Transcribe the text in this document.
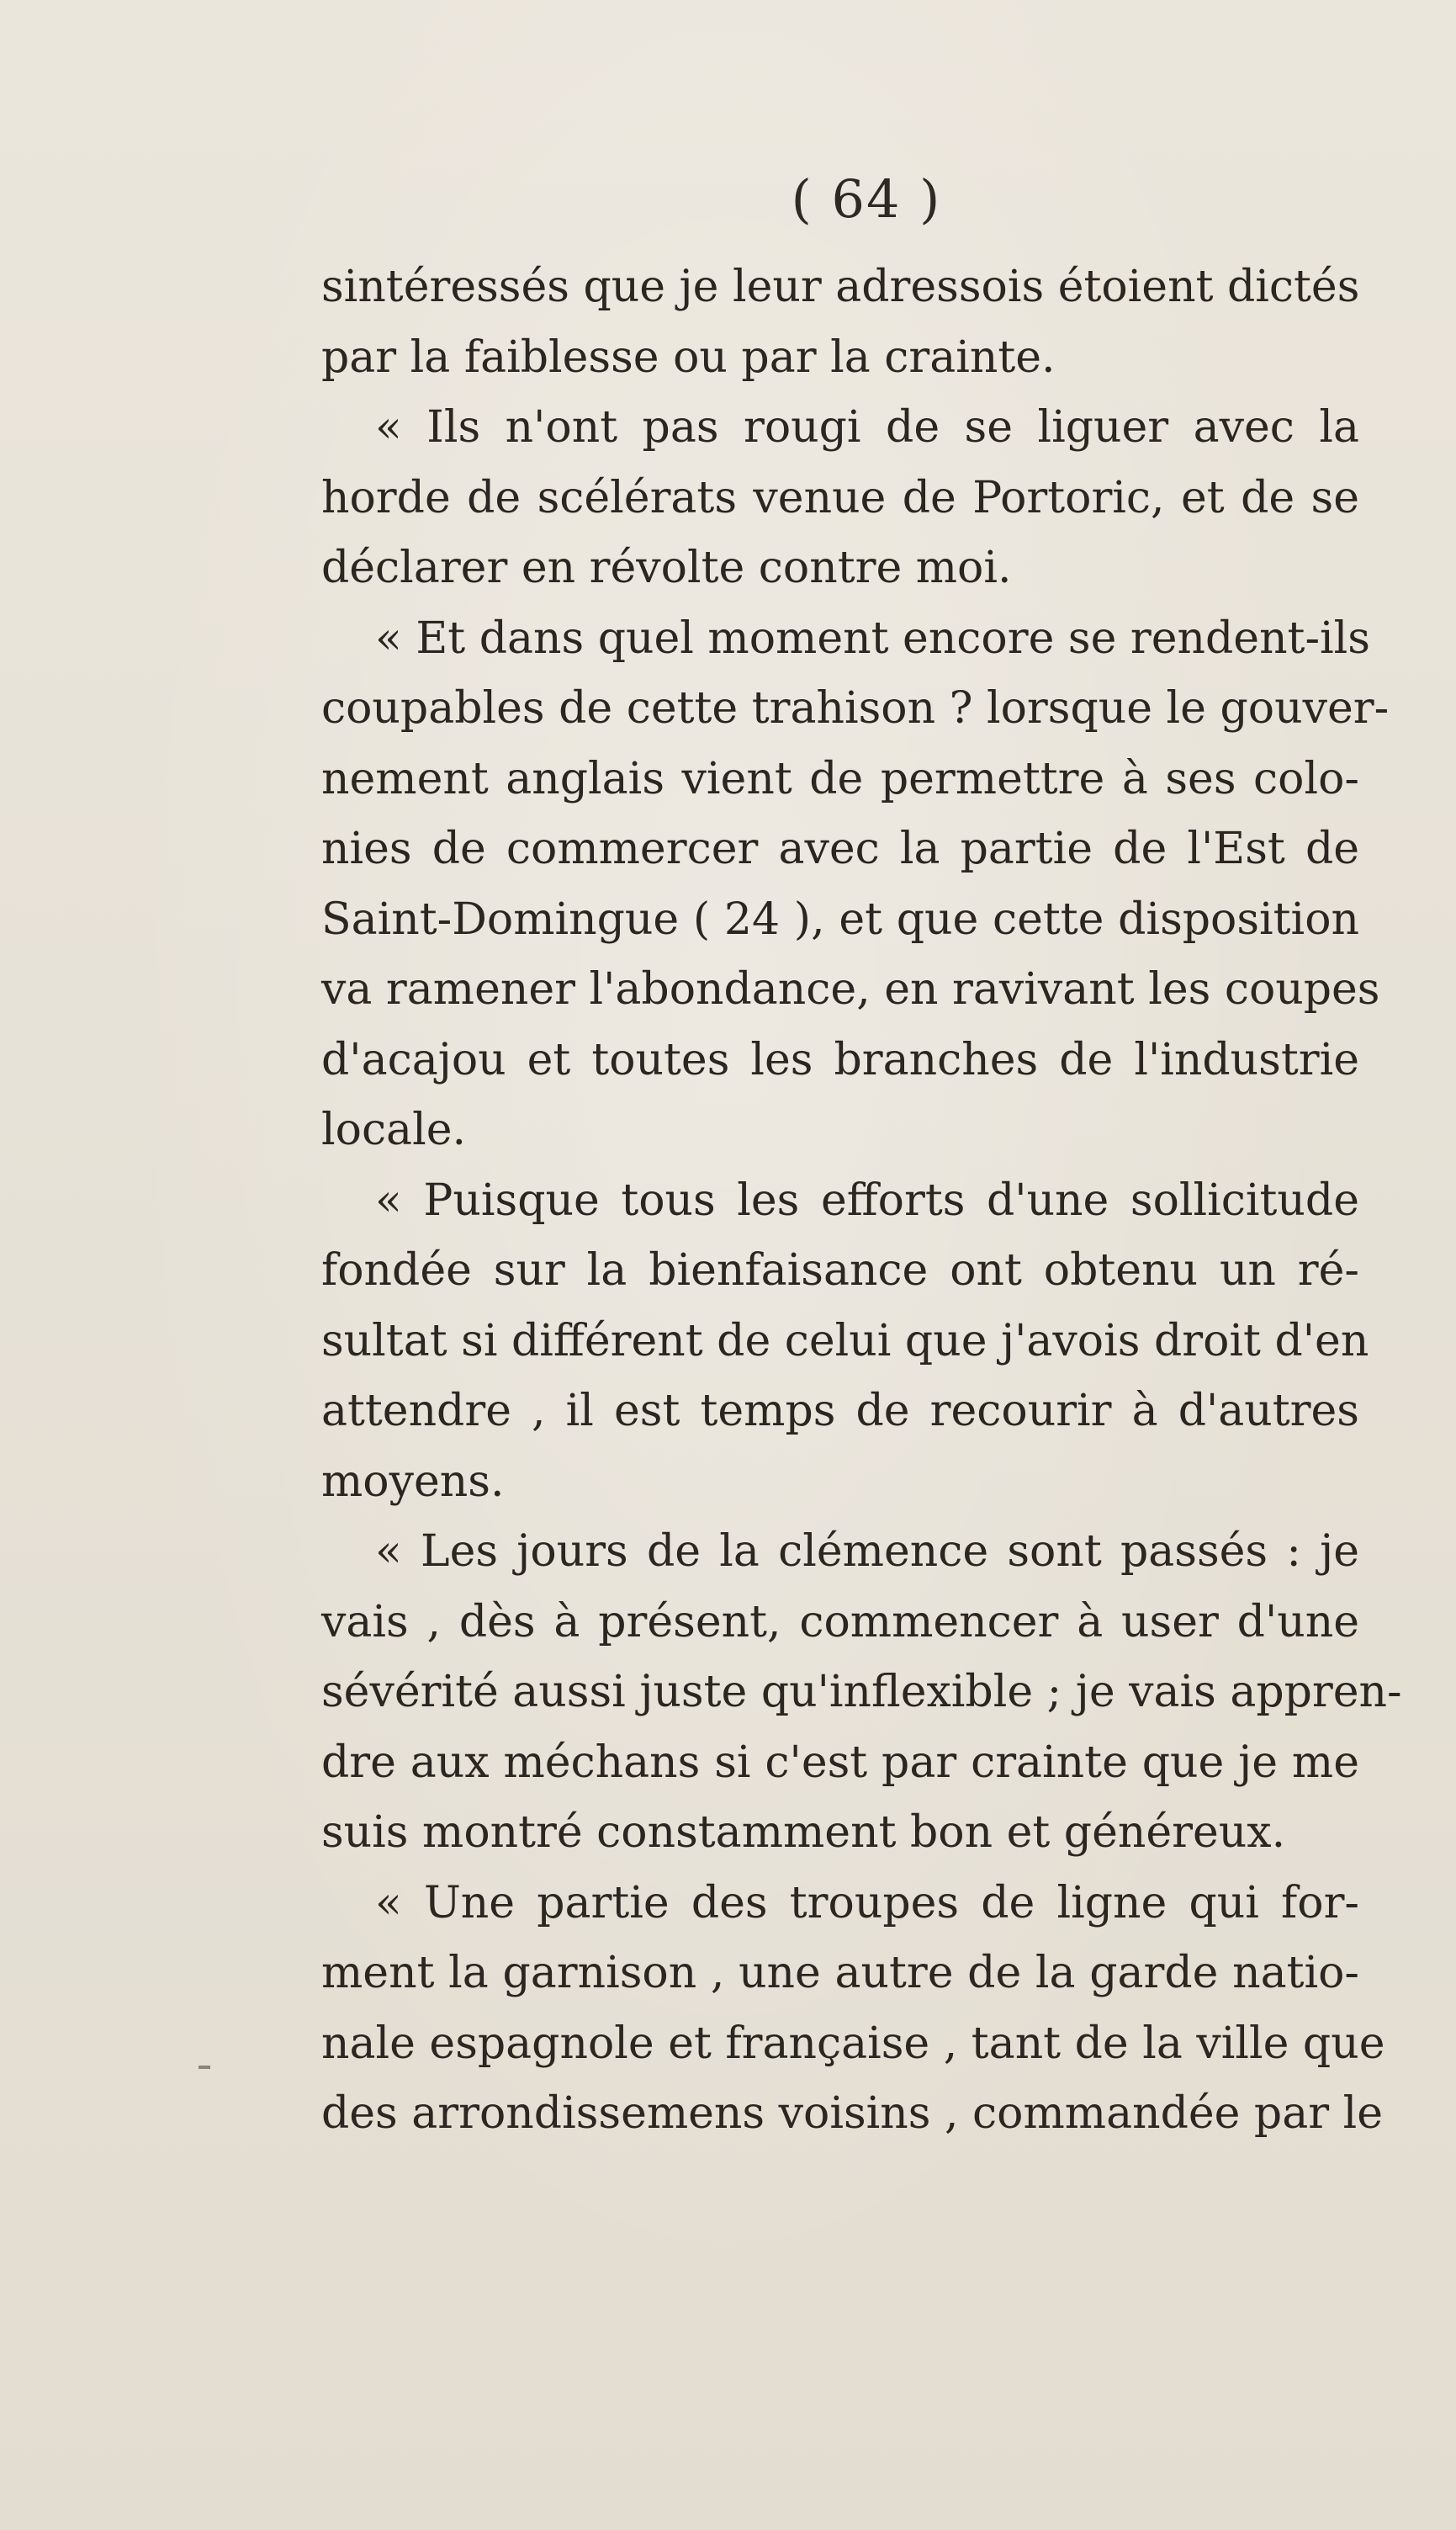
( 64 )
sintéressés que je leur adressois étoient dictés
par la faiblesse ou par la crainte.
« Ils n'ont pas rougi de se liguer avec la
horde de scélérats venue de Portoric, et de se
déclarer en révolte contre moi.
« Et dans quel moment encore se rendent-ils
coupables de cette trahison ? lorsque le gouver-
nement anglais vient de permettre à ses colo-
nies de commercer avec la partie de l'Est de
Saint-Domingue ( 24 ), et que cette disposition
va ramener l'abondance, en ravivant les coupes
d'acajou et toutes les branches de l'industrie
locale.
« Puisque tous les efforts d'une sollicitude
fondée sur la bienfaisance ont obtenu un ré-
sultat si différent de celui que j'avois droit d'en
attendre , il est temps de recourir à d'autres
moyens.
« Les jours de la clémence sont passés : je
vais , dès à présent, commencer à user d'une
sévérité aussi juste qu'inflexible ; je vais appren-
dre aux méchans si c'est par crainte que je me
suis montré constamment bon et généreux.
« Une partie des troupes de ligne qui for-
ment la garnison , une autre de la garde natio-
nale espagnole et française , tant de la ville que
des arrondissemens voisins , commandée par le
